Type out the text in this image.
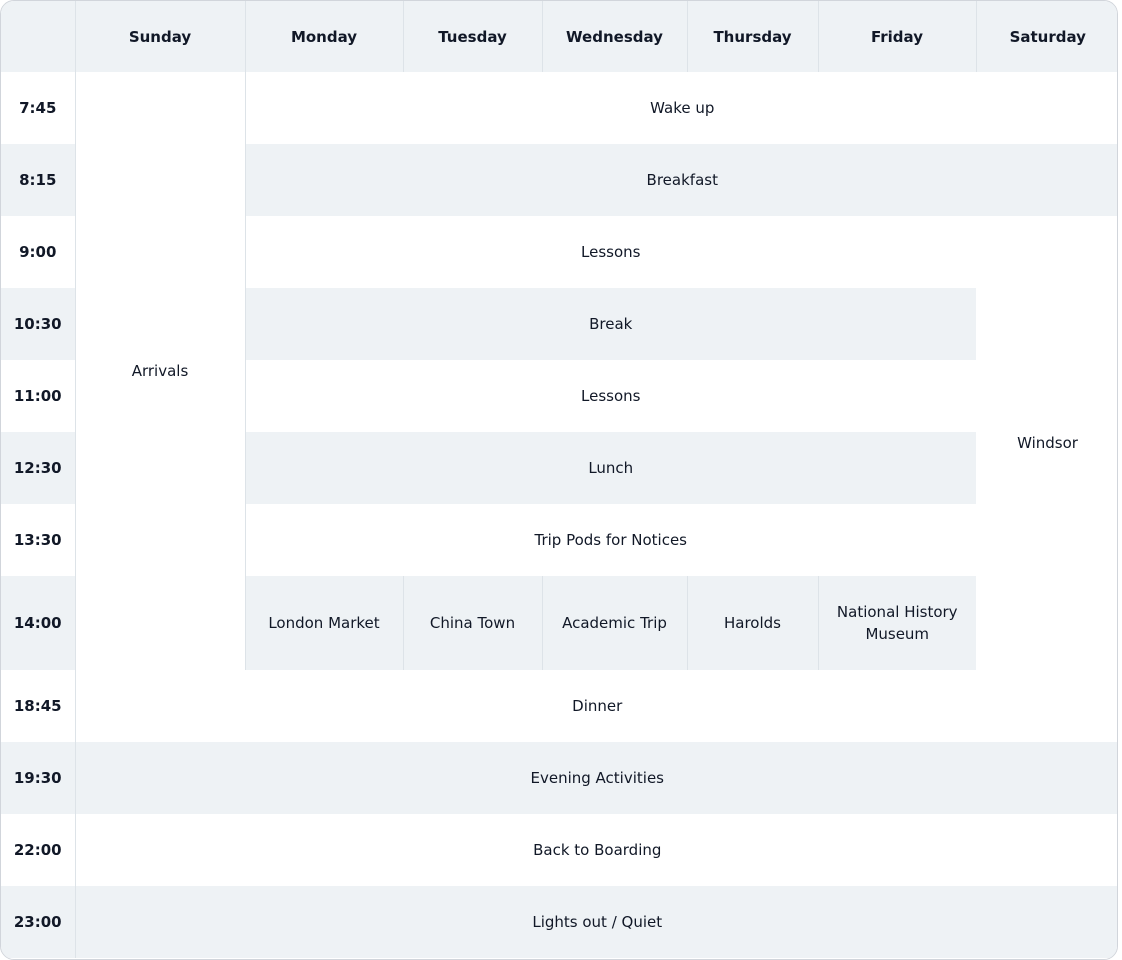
	Sunday	Monday	Tuesday	Wednesday	Thursday	Friday	Saturday
7:45	Arrivals	Wake up					
8:15		Breakfast					
9:00		Lessons					Windsor
10:30		Break					
11:00		Lessons					
12:30		Lunch					
13:30		Trip Pods for Notices					
14:00		London Market	China Town	Academic Trip	Harolds	National History Museum	
18:45	Dinner						
19:30	Evening Activities						
22:00	Back to Boarding						
23:00	Lights out / Quiet						
